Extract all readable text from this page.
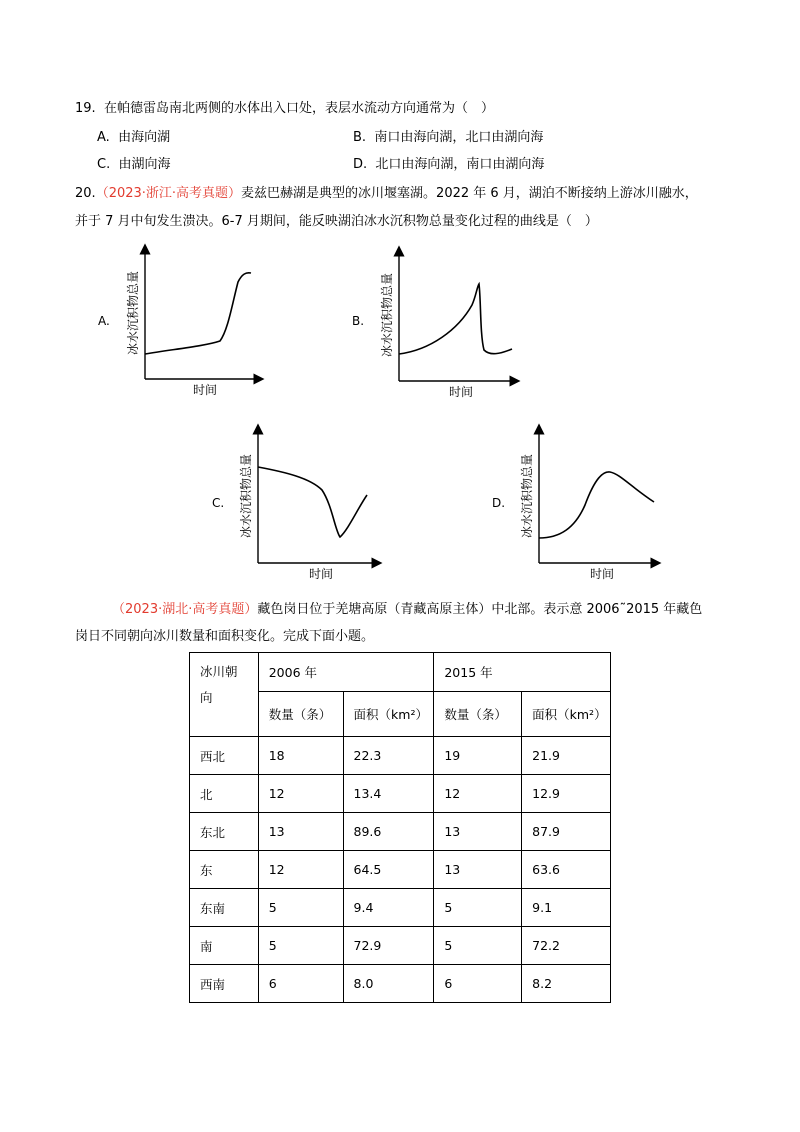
19. 在帕德雷岛南北两侧的水体出入口处，表层水流动方向通常为（　）
A. 由海向湖	B. 南口由海向湖，北口由湖向海
C. 由湖向海	D. 北口由海向湖，南口由湖向海
20.（2023·浙江·高考真题）麦兹巴赫湖是典型的冰川堰塞湖。2022 年 6 月，湖泊不断接纳上游冰川融水，
并于 7 月中旬发生溃决。6-7 月期间，能反映湖泊冰水沉积物总量变化过程的曲线是（　）
A.	B.
C.	D.
冰水沉积物总量
时间
冰水沉积物总量
时间
冰水沉积物总量
时间
冰水沉积物总量
时间
（2023·湖北·高考真题）藏色岗日位于羌塘高原（青藏高原主体）中北部。表示意 2006˜2015 年藏色
岗日不同朝向冰川数量和面积变化。完成下面小题。
冰川朝
向	2006 年		2015 年	
	数量（条）	面积（km²）	数量（条）	面积（km²）
西北	18	22.3	19	21.9
北	12	13.4	12	12.9
东北	13	89.6	13	87.9
东	12	64.5	13	63.6
东南	5	9.4	5	9.1
南	5	72.9	5	72.2
西南	6	8.0	6	8.2
